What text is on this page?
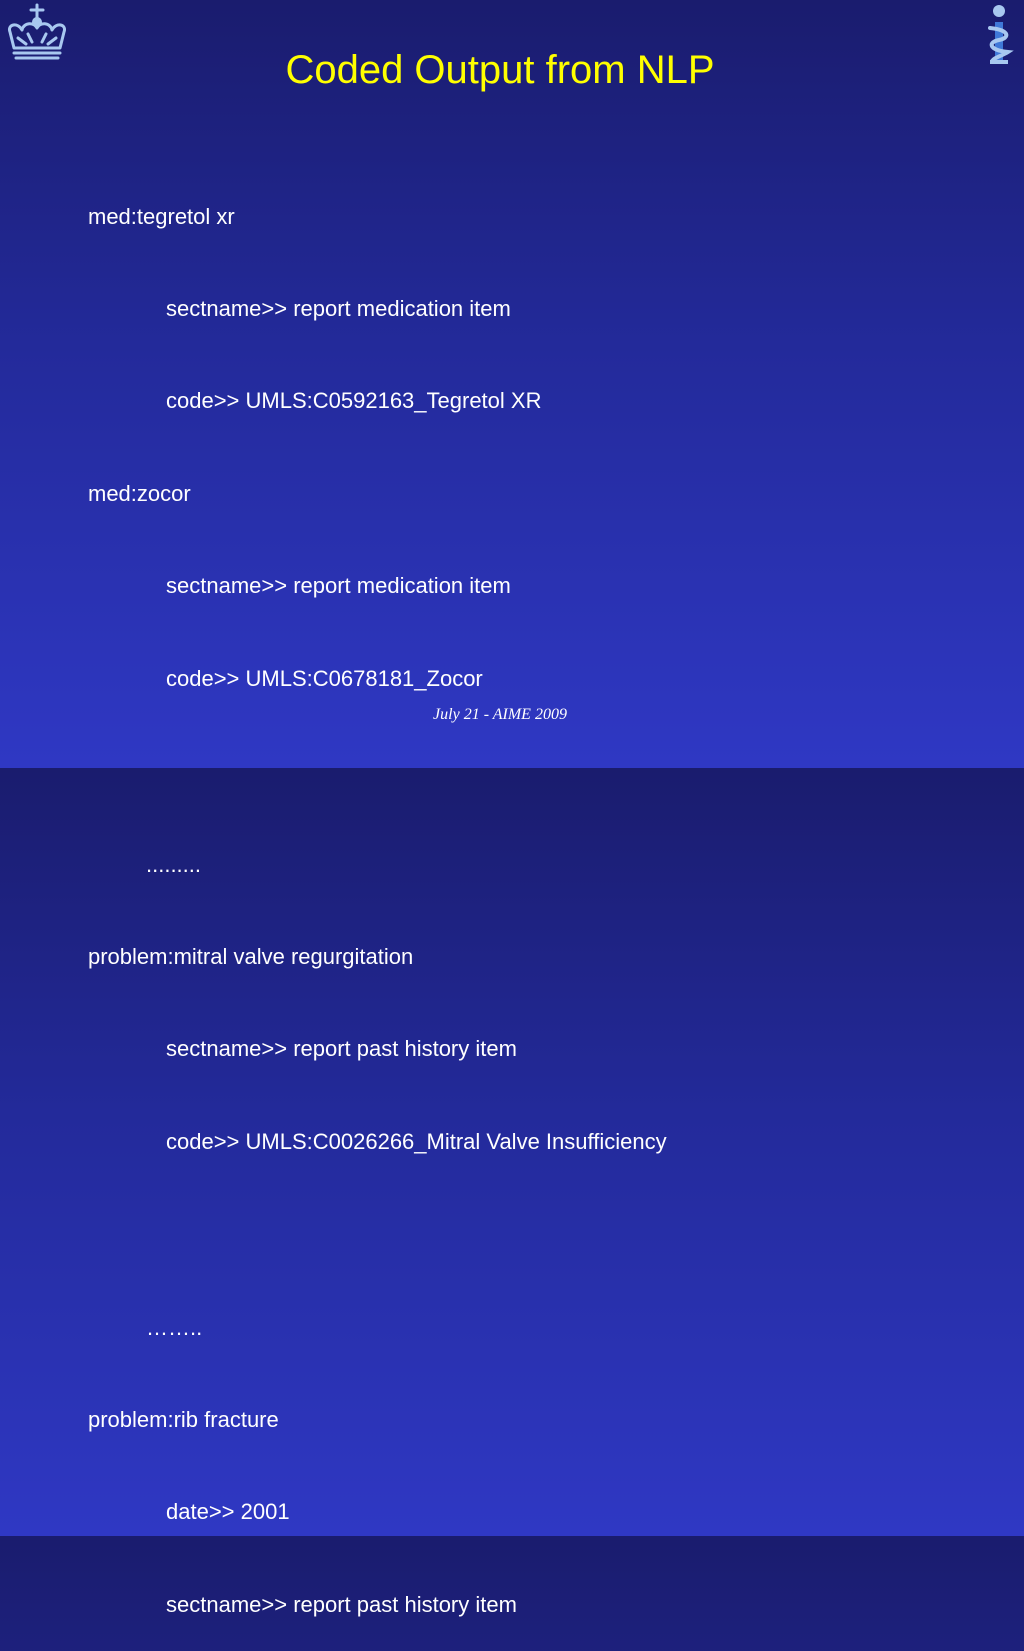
Coded Output from NLP

med:tegretol xr

sectname>> report medication item

code>> UMLS:C0592163_Tegretol XR

med:zocor

sectname>> report medication item

code>> UMLS:C0678181_Zocor

.........

problem:mitral valve regurgitation

sectname>> report past history item

code>> UMLS:C0026266_Mitral Valve Insufficiency

……..

problem:rib fracture

date>> 2001

sectname>> report past history item

July 21 - AIME 2009
